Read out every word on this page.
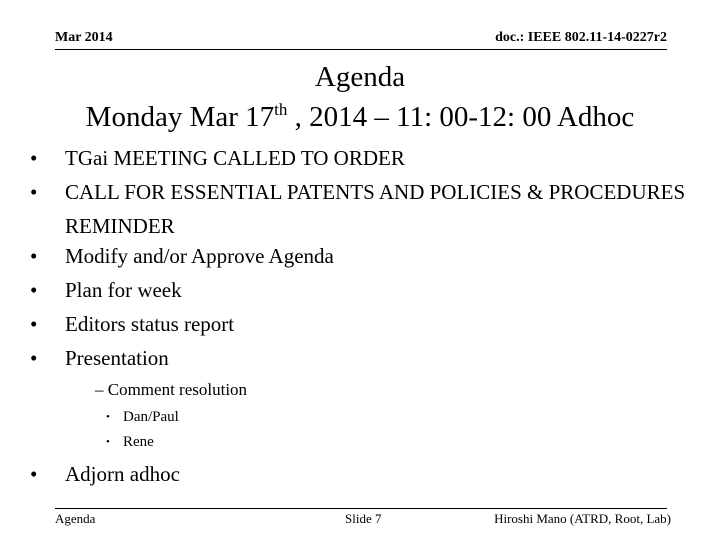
Mar 2014	doc.: IEEE 802.11-14-0227r2
Agenda
Monday Mar 17th , 2014 – 11: 00-12: 00 Adhoc
• TGai MEETING CALLED TO ORDER
• CALL FOR ESSENTIAL PATENTS AND POLICIES & PROCEDURES REMINDER
• Modify and/or Approve Agenda
• Plan for week
• Editors status report
• Presentation
– Comment resolution
• Dan/Paul
• Rene
• Adjorn adhoc
Agenda	Slide 7	Hiroshi Mano (ATRD, Root, Lab)
